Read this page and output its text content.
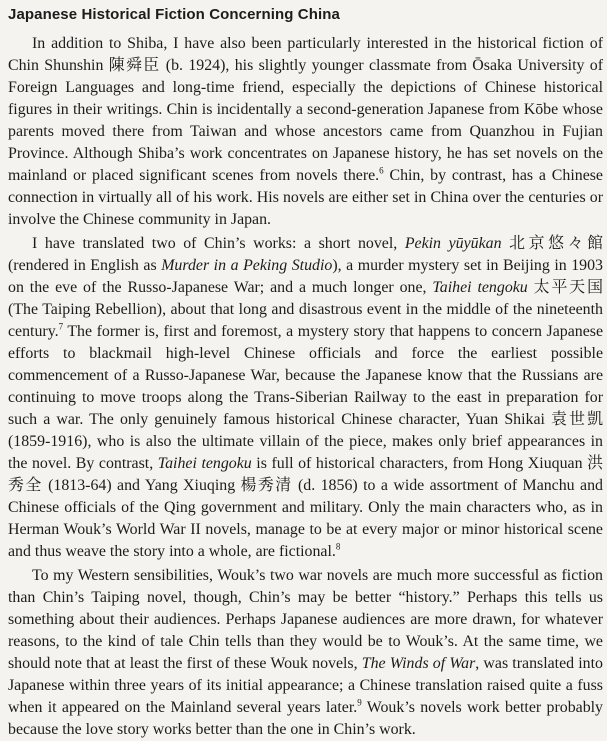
Japanese Historical Fiction Concerning China

In addition to Shiba, I have also been particularly interested in the historical fiction of Chin Shunshin 陳舜臣 (b. 1924), his slightly younger classmate from Ōsaka University of Foreign Languages and long-time friend, especially the depictions of Chinese historical figures in their writings. Chin is incidentally a second-generation Japanese from Kōbe whose parents moved there from Taiwan and whose ancestors came from Quanzhou in Fujian Province. Although Shiba’s work concentrates on Japanese history, he has set novels on the mainland or placed significant scenes from novels there.$^6$ Chin, by contrast, has a Chinese connection in virtually all of his work. His novels are either set in China over the centuries or involve the Chinese community in Japan.

I have translated two of Chin’s works: a short novel, Pekin yūyūkan 北京悠々館 (rendered in English as Murder in a Peking Studio), a murder mystery set in Beijing in 1903 on the eve of the Russo-Japanese War; and a much longer one, Taihei tengoku 太平天国 (The Taiping Rebellion), about that long and disastrous event in the middle of the nineteenth century.$^7$ The former is, first and foremost, a mystery story that happens to concern Japanese efforts to blackmail high-level Chinese officials and force the earliest possible commencement of a Russo-Japanese War, because the Japanese know that the Russians are continuing to move troops along the Trans-Siberian Railway to the east in preparation for such a war. The only genuinely famous historical Chinese character, Yuan Shikai 袁世凱 (1859-1916), who is also the ultimate villain of the piece, makes only brief appearances in the novel. By contrast, Taihei tengoku is full of historical characters, from Hong Xiuquan 洪秀全 (1813-64) and Yang Xiuqing 楊秀清 (d. 1856) to a wide assortment of Manchu and Chinese officials of the Qing government and military. Only the main characters who, as in Herman Wouk’s World War II novels, manage to be at every major or minor historical scene and thus weave the story into a whole, are fictional.$^8$

To my Western sensibilities, Wouk’s two war novels are much more successful as fiction than Chin’s Taiping novel, though, Chin’s may be better “history.” Perhaps this tells us something about their audiences. Perhaps Japanese audiences are more drawn, for whatever reasons, to the kind of tale Chin tells than they would be to Wouk’s. At the same time, we should note that at least the first of these Wouk novels, The Winds of War, was translated into Japanese within three years of its initial appearance; a Chinese translation raised quite a fuss when it appeared on the Mainland several years later.$^9$ Wouk’s novels work better probably because the love story works better than the one in Chin’s work.
